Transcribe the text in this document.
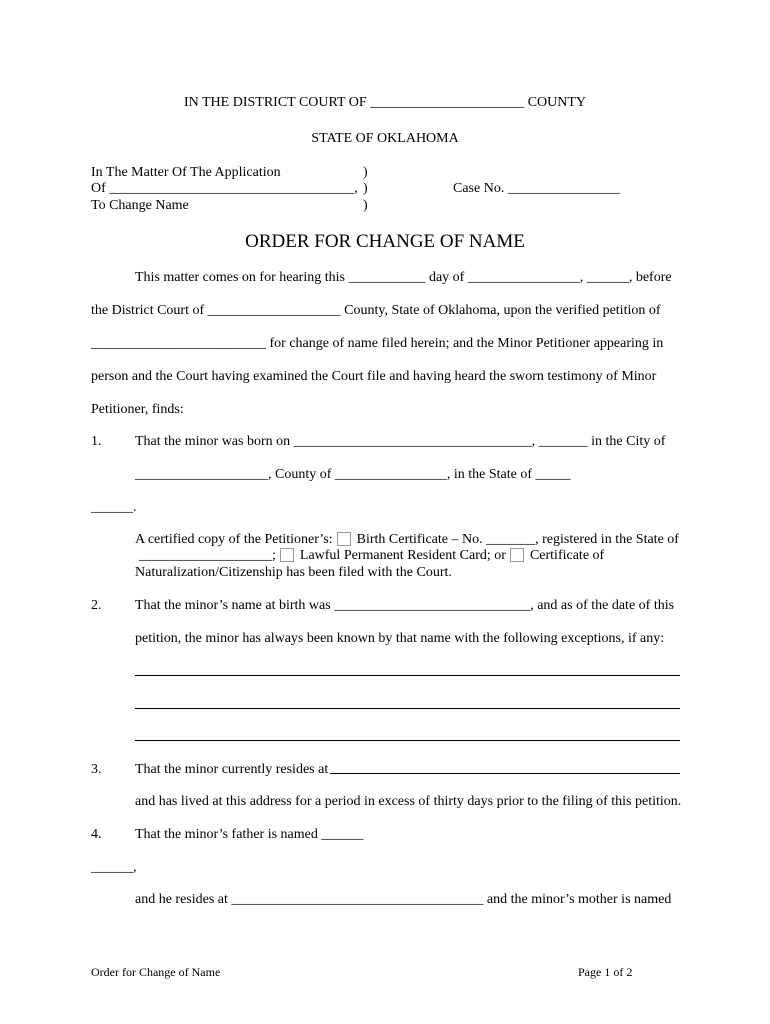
IN THE DISTRICT COURT OF ______________________ COUNTY
STATE OF OKLAHOMA
In The Matter Of The Application
Of ___________________________________,
To Change Name
)
)
)
Case No. ________________
ORDER FOR CHANGE OF NAME
This matter comes on for hearing this ___________ day of ________________, ______, before
the District Court of ___________________ County, State of Oklahoma, upon the verified petition of
_________________________ for change of name filed herein; and the Minor Petitioner appearing in
person and the Court having examined the Court file and having heard the sworn testimony of Minor
Petitioner, finds:
1. That the minor was born on __________________________________, _______ in the City of
___________________, County of ________________, in the State of _____
______.
A certified copy of the Petitioner’s: Birth Certificate – No. _______, registered in the State of
___________________; Lawful Permanent Resident Card; or Certificate of
Naturalization/Citizenship has been filed with the Court.
2. That the minor’s name at birth was ____________________________, and as of the date of this
petition, the minor has always been known by that name with the following exceptions, if any:
3. That the minor currently resides at
and has lived at this address for a period in excess of thirty days prior to the filing of this petition.
4. That the minor’s father is named ______
______,
and he resides at ____________________________________ and the minor’s mother is named
Order for Change of Name	Page 1 of 2
